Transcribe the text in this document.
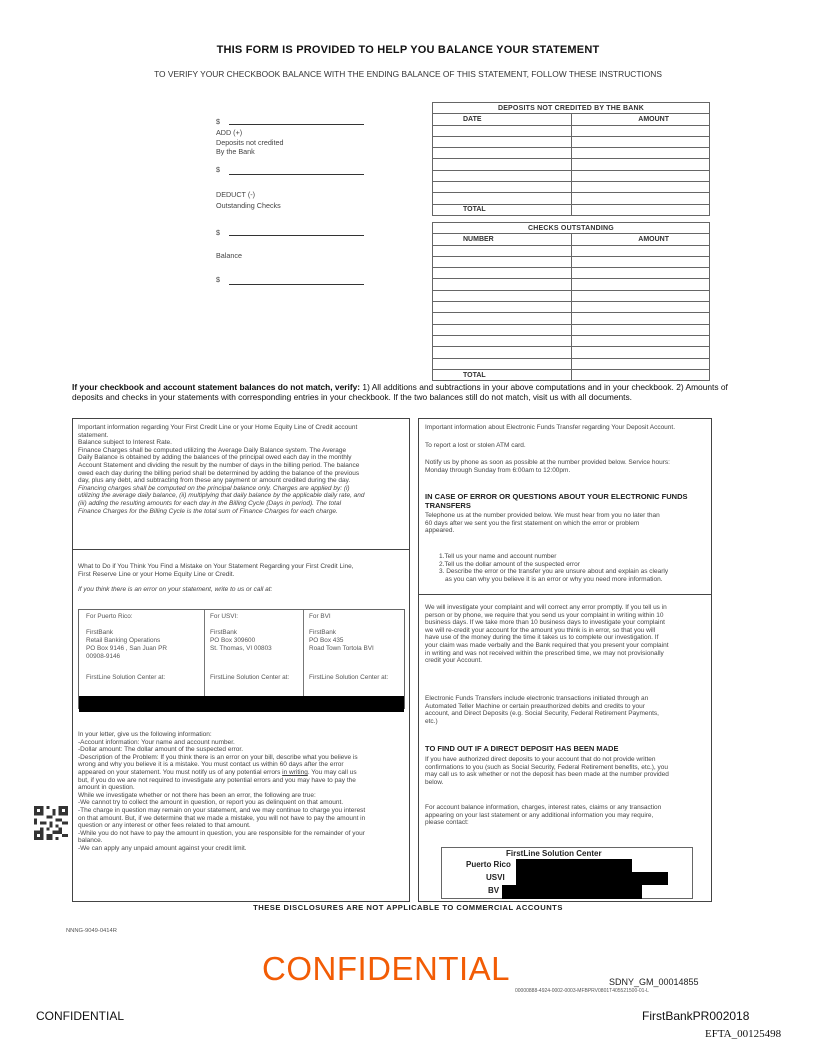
THIS FORM IS PROVIDED TO HELP YOU BALANCE YOUR STATEMENT
TO VERIFY YOUR CHECKBOOK BALANCE WITH THE ENDING BALANCE OF THIS STATEMENT, FOLLOW THESE INSTRUCTIONS
$
ADD (+)
Deposits not credited
By the Bank
$
DEDUCT (-)
Outstanding Checks
$
Balance
$
DEPOSITS NOT CREDITED BY THE BANK	
DATE	AMOUNT

TOTAL	
CHECKS OUTSTANDING	
NUMBER	AMOUNT

TOTAL	
If your checkbook and account statement balances do not match, verify: 1) All additions and subtractions in your above computations and in your checkbook. 2) Amounts of deposits and checks in your statements with corresponding entries in your checkbook. If the two balances still do not match, visit us with all documents.
Important information regarding Your First Credit Line or your Home Equity Line of Credit account
statement.
Balance subject to Interest Rate.
Finance Charges shall be computed utilizing the Average Daily Balance system. The Average
Daily Balance is obtained by adding the balances of the principal owed each day in the monthly
Account Statement and dividing the result by the number of days in the billing period. The balance
owed each day during the billing period shall be determined by adding the balance of the previous
day, plus any debt, and subtracting from these any payment or amount credited during the day.
Financing charges shall be computed on the principal balance only. Charges are applied by: (i)
utilizing the average daily balance, (ii) multiplying that daily balance by the applicable daily rate, and
(iii) adding the resulting amounts for each day in the Billing Cycle (Days in period). The total
Finance Charges for the Billing Cycle is the total sum of Finance Charges for each charge.
What to Do if You Think You Find a Mistake on Your Statement Regarding your First Credit Line,
First Reserve Line or your Home Equity Line or Credit.
If you think there is an error on your statement, write to us or call at:
For Puerto Rico:
FirstBank
Retail Banking Operations
PO Box 9146 , San Juan PR
00908-9146
FirstLine Solution Center at:
For USVI:
FirstBank
PO Box 309600
St. Thomas, VI 00803
FirstLine Solution Center at:
For BVI
FirstBank
PO Box 435
Road Town Tortola BVI
FirstLine Solution Center at:
In your letter, give us the following information:
-Account information: Your name and account number.
-Dollar amount: The dollar amount of the suspected error.
-Description of the Problem: If you think there is an error on your bill, describe what you believe is
wrong and why you believe it is a mistake. You must contact us within 60 days after the error
appeared on your statement. You must notify us of any potential errors in writing. You may call us
but, if you do we are not required to investigate any potential errors and you may have to pay the
amount in question.
While we investigate whether or not there has been an error, the following are true:
-We cannot try to collect the amount in question, or report you as delinquent on that amount.
-The charge in question may remain on your statement, and we may continue to charge you interest
on that amount. But, if we determine that we made a mistake, you will not have to pay the amount in
question or any interest or other fees related to that amount.
-While you do not have to pay the amount in question, you are responsible for the remainder of your
balance.
-We can apply any unpaid amount against your credit limit.
Important information about Electronic Funds Transfer regarding Your Deposit Account.
To report a lost or stolen ATM card.
Notify us by phone as soon as possible at the number provided below. Service hours:
Monday through Sunday from 6:00am to 12:00pm.
IN CASE OF ERROR OR QUESTIONS ABOUT YOUR ELECTRONIC FUNDS
TRANSFERS
Telephone us at the number provided below. We must hear from you no later than
60 days after we sent you the first statement on which the error or problem
appeared.
1.Tell us your name and account number
2.Tell us the dollar amount of the suspected error
3. Describe the error or the transfer you are unsure about and explain as clearly
as you can why you believe it is an error or why you need more information.
We will investigate your complaint and will correct any error promptly. If you tell us in
person or by phone, we require that you send us your complaint in writing within 10
business days. If we take more than 10 business days to investigate your complaint
we will re-credit your account for the amount you think is in error, so that you will
have use of the money during the time it takes us to complete our investigation. If
your claim was made verbally and the Bank required that you present your complaint
in writing and was not received within the prescribed time, we may not provisionally
credit your Account.
Electronic Funds Transfers include electronic transactions initiated through an
Automated Teller Machine or certain preauthorized debits and credits to your
account, and Direct Deposits (e.g. Social Security, Federal Retirement Payments,
etc.)
TO FIND OUT IF A DIRECT DEPOSIT HAS BEEN MADE
If you have authorized direct deposits to your account that do not provide written
confirmations to you (such as Social Security, Federal Retirement benefits, etc.), you
may call us to ask whether or not the deposit has been made at the number provided
below.
For account balance information, charges, interest rates, claims or any transaction
appearing on your last statement or any additional information you may require,
please contact:
FirstLine Solution Center
Puerto Rico
USVI
BV
THESE DISCLOSURES ARE NOT APPLICABLE TO COMMERCIAL ACCOUNTS
NNNG-9049-0414R
CONFIDENTIAL	SDNY_GM_00014855
00000888-4924-0002-0003-MFBPRV0801T405521500-01-L
CONFIDENTIAL	FirstBankPR002018
EFTA_00125498
